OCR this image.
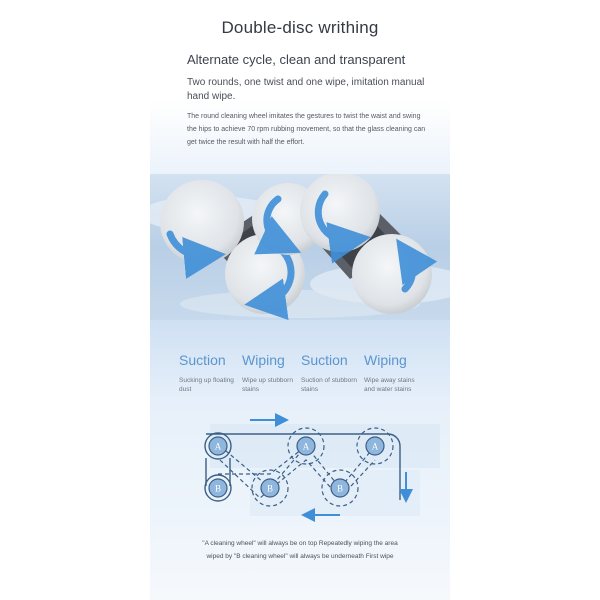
Double-disc writhing
Alternate cycle, clean and transparent
Two rounds, one twist and one wipe, imitation manual hand wipe.
The round cleaning wheel imitates the gestures to twist the waist and swing the hips to achieve 70 rpm rubbing movement, so that the glass cleaning can get twice the result with half the effort.
Suction
Sucking up floating dust
Wiping
Wipe up stubborn stains
Suction
Suction of stubborn stains
Wiping
Wipe away stains and water stains
A	A	A
B	B	B
"A cleaning wheel" will always be on top Repeatedly wiping the area
wiped by "B cleaning wheel" will always be underneath First wipe
